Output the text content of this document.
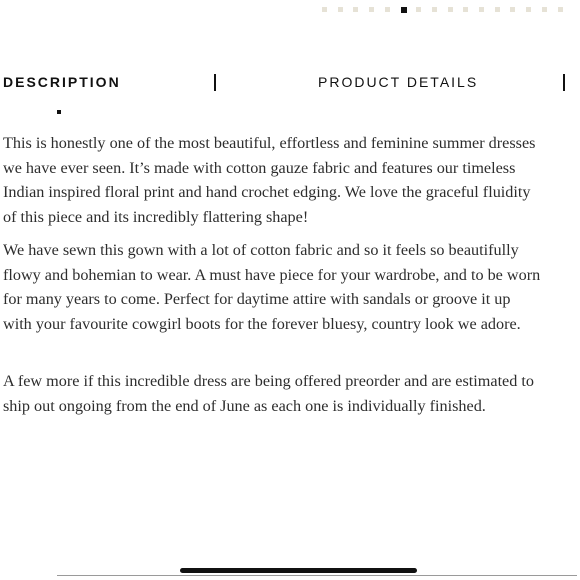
DESCRIPTION	PRODUCT DETAILS

This is honestly one of the most beautiful, effortless and feminine summer dresses
we have ever seen. It’s made with cotton gauze fabric and features our timeless
Indian inspired floral print and hand crochet edging. We love the graceful fluidity
of this piece and its incredibly flattering shape!

We have sewn this gown with a lot of cotton fabric and so it feels so beautifully
flowy and bohemian to wear. A must have piece for your wardrobe, and to be worn
for many years to come. Perfect for daytime attire with sandals or groove it up
with your favourite cowgirl boots for the forever bluesy, country look we adore.

A few more if this incredible dress are being offered preorder and are estimated to
ship out ongoing from the end of June as each one is individually finished.
